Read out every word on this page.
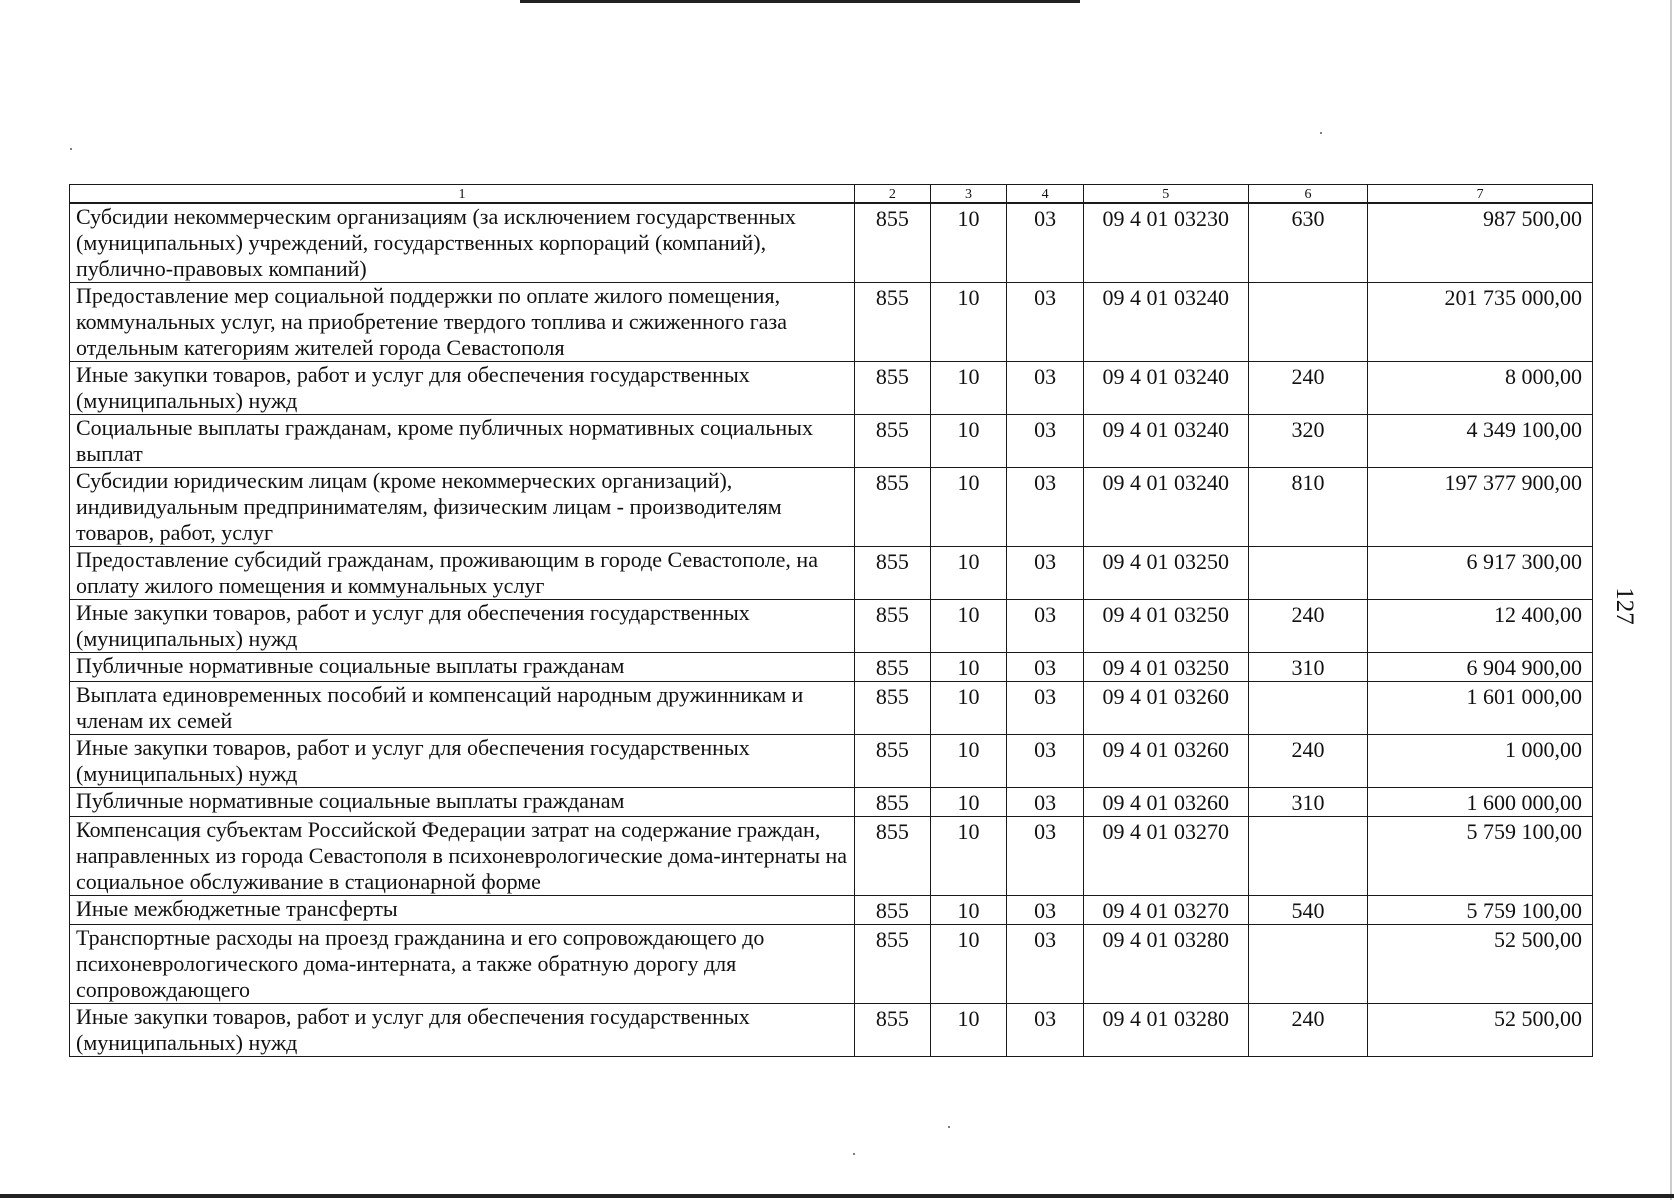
127
1	2	3	4	5	6	7
Субсидии некоммерческим организациям (за исключением государственных (муниципальных) учреждений, государственных корпораций (компаний), публично-правовых компаний)	855	10	03	09 4 01 03230	630	987 500,00
Предоставление мер социальной поддержки по оплате жилого помещения, коммунальных услуг, на приобретение твердого топлива и сжиженного газа отдельным категориям жителей города Севастополя	855	10	03	09 4 01 03240		201 735 000,00
Иные закупки товаров, работ и услуг для обеспечения государственных (муниципальных) нужд	855	10	03	09 4 01 03240	240	8 000,00
Социальные выплаты гражданам, кроме публичных нормативных социальных выплат	855	10	03	09 4 01 03240	320	4 349 100,00
Субсидии юридическим лицам (кроме некоммерческих организаций), индивидуальным предпринимателям, физическим лицам - производителям товаров, работ, услуг	855	10	03	09 4 01 03240	810	197 377 900,00
Предоставление субсидий гражданам, проживающим в городе Севастополе, на оплату жилого помещения и коммунальных услуг	855	10	03	09 4 01 03250		6 917 300,00
Иные закупки товаров, работ и услуг для обеспечения государственных (муниципальных) нужд	855	10	03	09 4 01 03250	240	12 400,00
Публичные нормативные социальные выплаты гражданам	855	10	03	09 4 01 03250	310	6 904 900,00
Выплата единовременных пособий и компенсаций народным дружинникам и членам их семей	855	10	03	09 4 01 03260		1 601 000,00
Иные закупки товаров, работ и услуг для обеспечения государственных (муниципальных) нужд	855	10	03	09 4 01 03260	240	1 000,00
Публичные нормативные социальные выплаты гражданам	855	10	03	09 4 01 03260	310	1 600 000,00
Компенсация субъектам Российской Федерации затрат на содержание граждан, направленных из города Севастополя в психоневрологические дома-интернаты на социальное обслуживание в стационарной форме	855	10	03	09 4 01 03270		5 759 100,00
Иные межбюджетные трансферты	855	10	03	09 4 01 03270	540	5 759 100,00
Транспортные расходы на проезд гражданина и его сопровождающего до психоневрологического дома-интерната, а также обратную дорогу для сопровождающего	855	10	03	09 4 01 03280		52 500,00
Иные закупки товаров, работ и услуг для обеспечения государственных (муниципальных) нужд	855	10	03	09 4 01 03280	240	52 500,00
